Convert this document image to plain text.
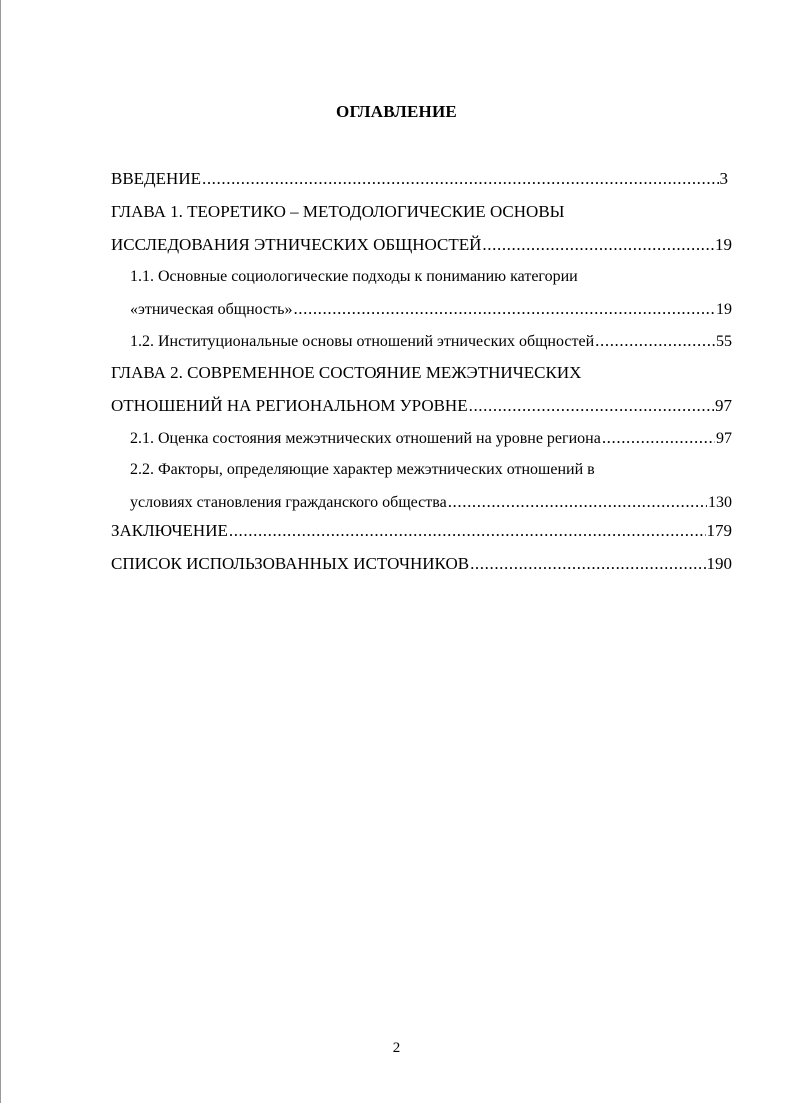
ОГЛАВЛЕНИЕ
ВВЕДЕНИЕ .....	3
ГЛАВА 1. ТЕОРЕТИКО – МЕТОДОЛОГИЧЕСКИЕ ОСНОВЫ
ИССЛЕДОВАНИЯ ЭТНИЧЕСКИХ ОБЩНОСТЕЙ .....	19
1.1. Основные социологические подходы к пониманию категории
«этническая общность» .....	19
1.2. Институциональные основы отношений этнических общностей .....	55
ГЛАВА 2. СОВРЕМЕННОЕ СОСТОЯНИЕ МЕЖЭТНИЧЕСКИХ
ОТНОШЕНИЙ НА РЕГИОНАЛЬНОМ УРОВНЕ .....	97
2.1. Оценка состояния межэтнических отношений на уровне региона .....	97
2.2. Факторы, определяющие характер межэтнических отношений в
условиях становления гражданского общества .....	130
ЗАКЛЮЧЕНИЕ .....	179
СПИСОК ИСПОЛЬЗОВАННЫХ ИСТОЧНИКОВ .....	190
2
